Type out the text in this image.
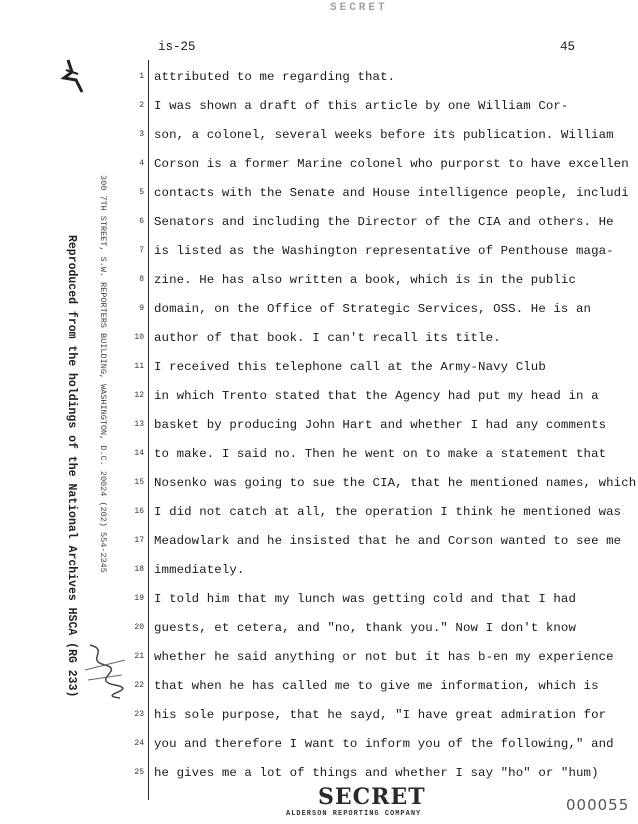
SECRET
is-25	45
Reproduced from the holdings of the National Archives HSCA (RG 233) 300 7TH STREET, S.W. REPORTERS BUILDING, WASHINGTON, D.C. 20024 (202) 554-2345
1
2
3
4
5
6
7
8
9
10
11
12
13
14
15
16
17
18
19
20
21
22
23
24
25
attributed to me regarding that.
I was shown a draft of this article by one William Cor-
son, a colonel, several weeks before its publication. William
Corson is a former Marine colonel who purporst to have excellen
contacts with the Senate and House intelligence people, includi
Senators and including the Director of the CIA and others. He
is listed as the Washington representative of Penthouse maga-
zine. He has also written a book, which is in the public
domain, on the Office of Strategic Services, OSS. He is an
author of that book. I can't recall its title.
I received this telephone call at the Army-Navy Club
in which Trento stated that the Agency had put my head in a
basket by producing John Hart and whether I had any comments
to make. I said no. Then he went on to make a statement that
Nosenko was going to sue the CIA, that he mentioned names, which
I did not catch at all, the operation I think he mentioned was
Meadowlark and he insisted that he and Corson wanted to see me
immediately.
I told him that my lunch was getting cold and that I had
guests, et cetera, and "no, thank you." Now I don't know
whether he said anything or not but it has b-en my experience
that when he has called me to give me information, which is
his sole purpose, that he sayd, "I have great admiration for
you and therefore I want to inform you of the following," and
he gives me a lot of things and whether I say "ho" or "hum)
SECRET
ALDERSON REPORTING COMPANY	000055
